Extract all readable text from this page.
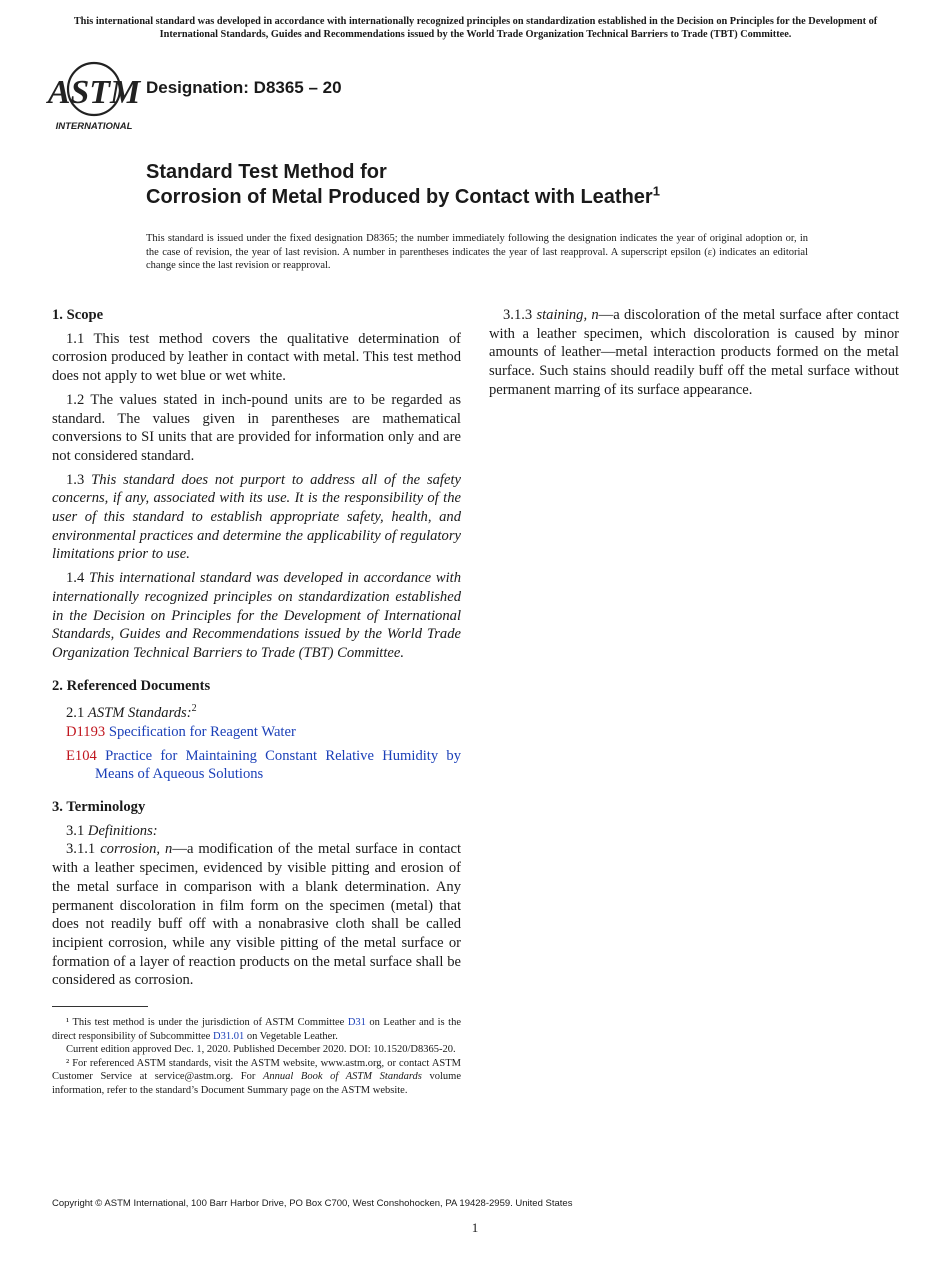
This international standard was developed in accordance with internationally recognized principles on standardization established in the Decision on Principles for the Development of International Standards, Guides and Recommendations issued by the World Trade Organization Technical Barriers to Trade (TBT) Committee.
ASTM
INTERNATIONAL
Designation: D8365 – 20
Standard Test Method for
Corrosion of Metal Produced by Contact with Leather$^1$
This standard is issued under the fixed designation D8365; the number immediately following the designation indicates the year of original adoption or, in the case of revision, the year of last revision. A number in parentheses indicates the year of last reapproval. A superscript epsilon (ε) indicates an editorial change since the last revision or reapproval.
1. Scope

1.1 This test method covers the qualitative determination of corrosion produced by leather in contact with metal. This test method does not apply to wet blue or wet white.

1.2 The values stated in inch-pound units are to be regarded as standard. The values given in parentheses are mathematical conversions to SI units that are provided for information only and are not considered standard.

1.3 This standard does not purport to address all of the safety concerns, if any, associated with its use. It is the responsibility of the user of this standard to establish appropriate safety, health, and environmental practices and determine the applicability of regulatory limitations prior to use.

1.4 This international standard was developed in accordance with internationally recognized principles on standardization established in the Decision on Principles for the Development of International Standards, Guides and Recommendations issued by the World Trade Organization Technical Barriers to Trade (TBT) Committee.

2. Referenced Documents

2.1 ASTM Standards:$^2$

D1193 Specification for Reagent Water

E104 Practice for Maintaining Constant Relative Humidity by Means of Aqueous Solutions

3. Terminology

3.1 Definitions:

3.1.1 corrosion, n—a modification of the metal surface in contact with a leather specimen, evidenced by visible pitting and erosion of the metal surface in comparison with a blank determination. Any permanent discoloration in film form on the specimen (metal) that does not readily buff off with a nonabrasive cloth shall be called incipient corrosion, while any visible pitting of the metal surface or formation of a layer of reaction products on the metal surface shall be considered as corrosion.

¹ This test method is under the jurisdiction of ASTM Committee D31 on Leather and is the direct responsibility of Subcommittee D31.01 on Vegetable Leather.

Current edition approved Dec. 1, 2020. Published December 2020. DOI: 10.1520/D8365-20.

² For referenced ASTM standards, visit the ASTM website, www.astm.org, or contact ASTM Customer Service at service@astm.org. For Annual Book of ASTM Standards volume information, refer to the standard’s Document Summary page on the ASTM website.

3.1.3 staining, n—a discoloration of the metal surface after contact with a leather specimen, which discoloration is caused by minor amounts of leather—metal interaction products formed on the metal surface. Such stains should readily buff off the metal surface without permanent marring of its surface appearance.

Copyright © ASTM International, 100 Barr Harbor Drive, PO Box C700, West Conshohocken, PA 19428-2959. United States
1
